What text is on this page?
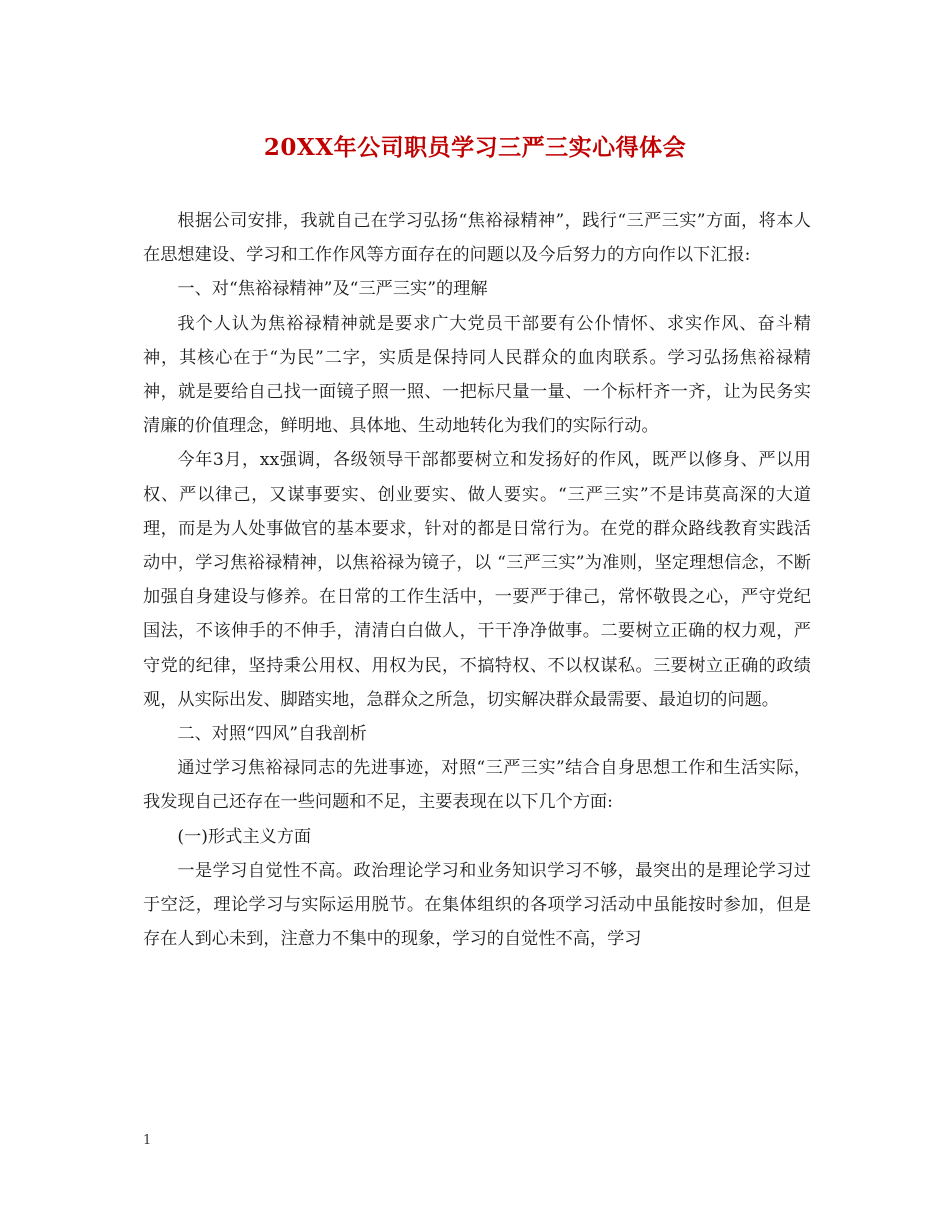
20XX年公司职员学习三严三实心得体会

根据公司安排，我就自己在学习弘扬“焦裕禄精神”，践行“三严三实”方面，将本人在思想建设、学习和工作作风等方面存在的问题以及今后努力的方向作以下汇报:

一、对“焦裕禄精神”及“三严三实”的理解

我个人认为焦裕禄精神就是要求广大党员干部要有公仆情怀、求实作风、奋斗精神，其核心在于“为民”二字，实质是保持同人民群众的血肉联系。学习弘扬焦裕禄精神，就是要给自己找一面镜子照一照、一把标尺量一量、一个标杆齐一齐，让为民务实清廉的价值理念，鲜明地、具体地、生动地转化为我们的实际行动。

今年3月，xx强调，各级领导干部都要树立和发扬好的作风，既严以修身、严以用权、严以律己，又谋事要实、创业要实、做人要实。“三严三实”不是讳莫高深的大道理，而是为人处事做官的基本要求，针对的都是日常行为。在党的群众路线教育实践活动中，学习焦裕禄精神，以焦裕禄为镜子，以 “三严三实”为准则，坚定理想信念，不断加强自身建设与修养。在日常的工作生活中，一要严于律己，常怀敬畏之心，严守党纪国法，不该伸手的不伸手，清清白白做人，干干净净做事。二要树立正确的权力观，严守党的纪律，坚持秉公用权、用权为民，不搞特权、不以权谋私。三要树立正确的政绩观，从实际出发、脚踏实地，急群众之所急，切实解决群众最需要、最迫切的问题。

二、对照“四风”自我剖析

通过学习焦裕禄同志的先进事迹，对照“三严三实”结合自身思想工作和生活实际，我发现自己还存在一些问题和不足，主要表现在以下几个方面:

(一)形式主义方面

一是学习自觉性不高。政治理论学习和业务知识学习不够，最突出的是理论学习过于空泛，理论学习与实际运用脱节。在集体组织的各项学习活动中虽能按时参加，但是存在人到心未到，注意力不集中的现象，学习的自觉性不高，学习

1
